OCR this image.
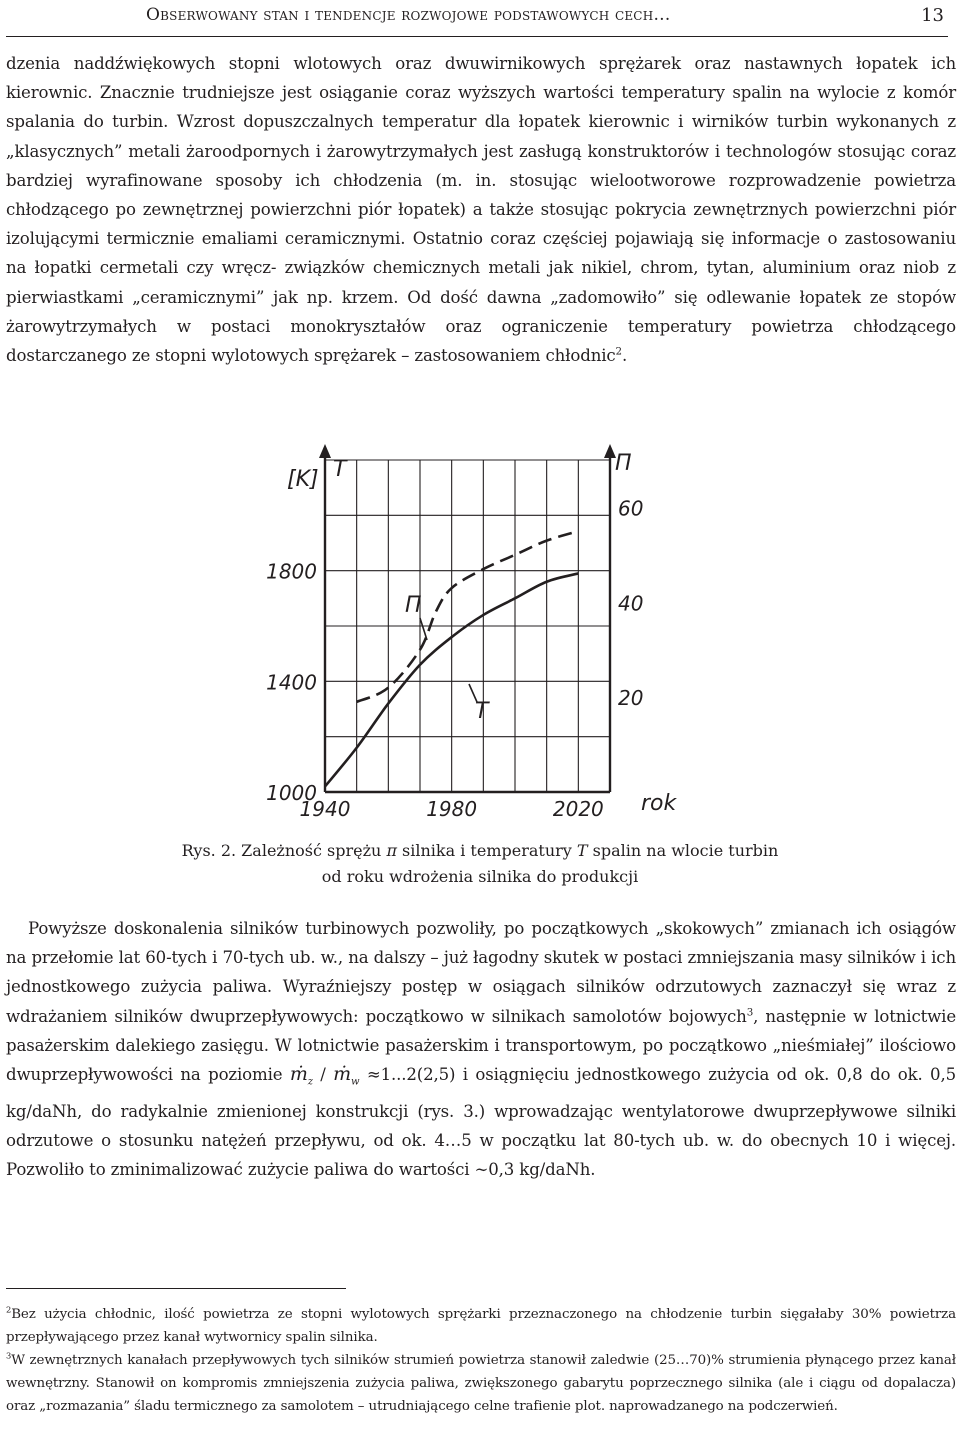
Obserwowany stan i tendencje rozwojowe podstawowych cech…	13

dzenia naddźwiękowych stopni wlotowych oraz dwuwirnikowych sprężarek oraz nastawnych łopatek ich kierownic. Znacznie trudniejsze jest osiąganie coraz wyższych wartości temperatury spalin na wylocie z komór spalania do turbin. Wzrost dopuszczalnych temperatur dla łopatek kierownic i wirników turbin wykonanych z „klasycznych” metali żaroodpornych i żarowytrzymałych jest zasługą konstruktorów i technologów stosując coraz bardziej wyrafinowane sposoby ich chłodzenia (m. in. stosując wielootworowe rozprowadzenie powietrza chłodzącego po zewnętrznej powierzchni piór łopatek) a także stosując pokrycia zewnętrznych powierzchni piór izolującymi termicznie emaliami ceramicznymi. Ostatnio coraz częściej pojawiają się informacje o zastosowaniu na łopatki cermetali czy wręcz- związków chemicznych metali jak nikiel, chrom, tytan, aluminium oraz niob z pierwiastkami „ceramicznymi” jak np. krzem. Od dość dawna „zadomowiło” się odlewanie łopatek ze stopów żarowytrzymałych w postaci monokryształów oraz ograniczenie temperatury powietrza chłodzącego dostarczanego ze stopni wylotowych sprężarek – zastosowaniem chłodnic$^2$.

1000
1400
1800
20
40
60
1940	1980	2020
[K] T	Π
Π
T
rok
Rys. 2. Zależność sprężu π silnika i temperatury T spalin na wlocie turbin
od roku wdrożenia silnika do produkcji

Powyższe doskonalenia silników turbinowych pozwoliły, po początkowych „skokowych” zmianach ich osiągów na przełomie lat 60-tych i 70-tych ub. w., na dalszy – już łagodny skutek w postaci zmniejszania masy silników i ich jednostkowego zużycia paliwa. Wyraźniejszy postęp w osiągach silników odrzutowych zaznaczył się wraz z wdrażaniem silników dwuprzepływowych: początkowo w silnikach samolotów bojowych$^3$, następnie w lotnictwie pasażerskim dalekiego zasięgu. W lotnictwie pasażerskim i transportowym, po początkowo „nieśmiałej” ilościowo dwuprzepływowości na poziomie ṁ$_z$ / ṁ$_w$ ≈1...2(2,5) i osiągnięciu jednostkowego zużycia od ok. 0,8 do ok. 0,5 kg/daNh, do radykalnie zmienionej konstrukcji (rys. 3.) wprowadzając wentylatorowe dwuprzepływowe silniki odrzutowe o stosunku natężeń przepływu, od ok. 4…5 w początku lat 80-tych ub. w. do obecnych 10 i więcej. Pozwoliło to zminimalizować zużycie paliwa do wartości ∼0,3 kg/daNh.

$^2$Bez użycia chłodnic, ilość powietrza ze stopni wylotowych sprężarki przeznaczonego na chłodzenie turbin sięgałaby 30% powietrza przepływającego przez kanał wytwornicy spalin silnika.

$^3$W zewnętrznych kanałach przepływowych tych silników strumień powietrza stanowił zaledwie (25…70)% strumienia płynącego przez kanał wewnętrzny. Stanowił on kompromis zmniejszenia zużycia paliwa, zwiększonego gabarytu poprzecznego silnika (ale i ciągu od dopalacza) oraz „rozmazania” śladu termicznego za samolotem – utrudniającego celne trafienie plot. naprowadzanego na podczerwień.
